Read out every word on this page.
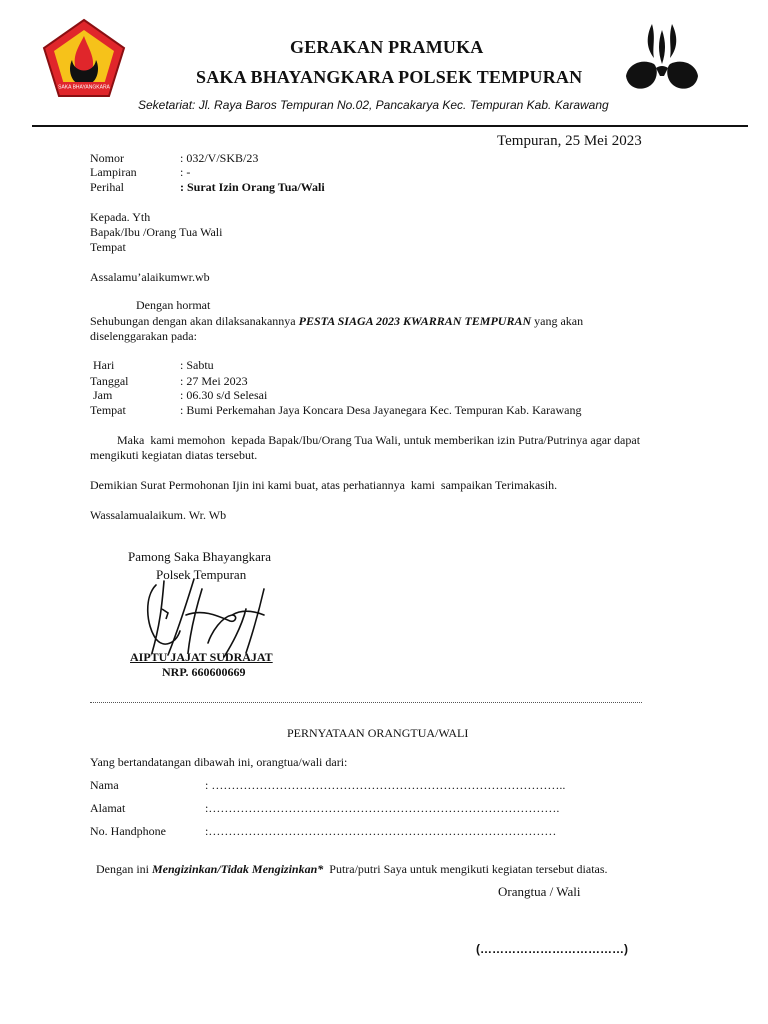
SAKA BHAYANGKARA
GERAKAN PRAMUKA
SAKA BHAYANGKARA POLSEK TEMPURAN
Seketariat: Jl. Raya Baros Tempuran No.02, Pancakarya Kec. Tempuran Kab. Karawang
Tempuran, 25 Mei 2023
Nomor	: 032/V/SKB/23
Lampiran	: -
Perihal	: Surat Izin Orang Tua/Wali
Kepada. Yth
Bapak/Ibu /Orang Tua Wali
Tempat
Assalamu’alaikumwr.wb
Dengan hormat
Sehubungan dengan akan dilaksanakannya PESTA SIAGA 2023 KWARRAN TEMPURAN yang akan
diselenggarakan pada:
Hari	: Sabtu
Tanggal	: 27 Mei 2023
Jam	: 06.30 s/d Selesai
Tempat	: Bumi Perkemahan Jaya Koncara Desa Jayanegara Kec. Tempuran Kab. Karawang
Maka  kami memohon  kepada Bapak/Ibu/Orang Tua Wali, untuk memberikan izin Putra/Putrinya agar dapat
mengikuti kegiatan diatas tersebut.
Demikian Surat Permohonan Ijin ini kami buat, atas perhatiannya  kami  sampaikan Terimakasih.
Wassalamualaikum. Wr. Wb
Pamong Saka Bhayangkara
Polsek Tempuran
AIPTU JAJAT SUDRAJAT
NRP. 660600669
PERNYATAAN ORANGTUA/WALI
Yang bertandatangan dibawah ini, orangtua/wali dari:
Nama	: ……………………………………………………………………………..
Alamat	:…………………………………………………………………………….
No. Handphone	:……………………………………………………………………………

Dengan ini Mengizinkan/Tidak Mengizinkan*  Putra/putri Saya untuk mengikuti kegiatan tersebut diatas.

Orangtua / Wali
(………………………………)
